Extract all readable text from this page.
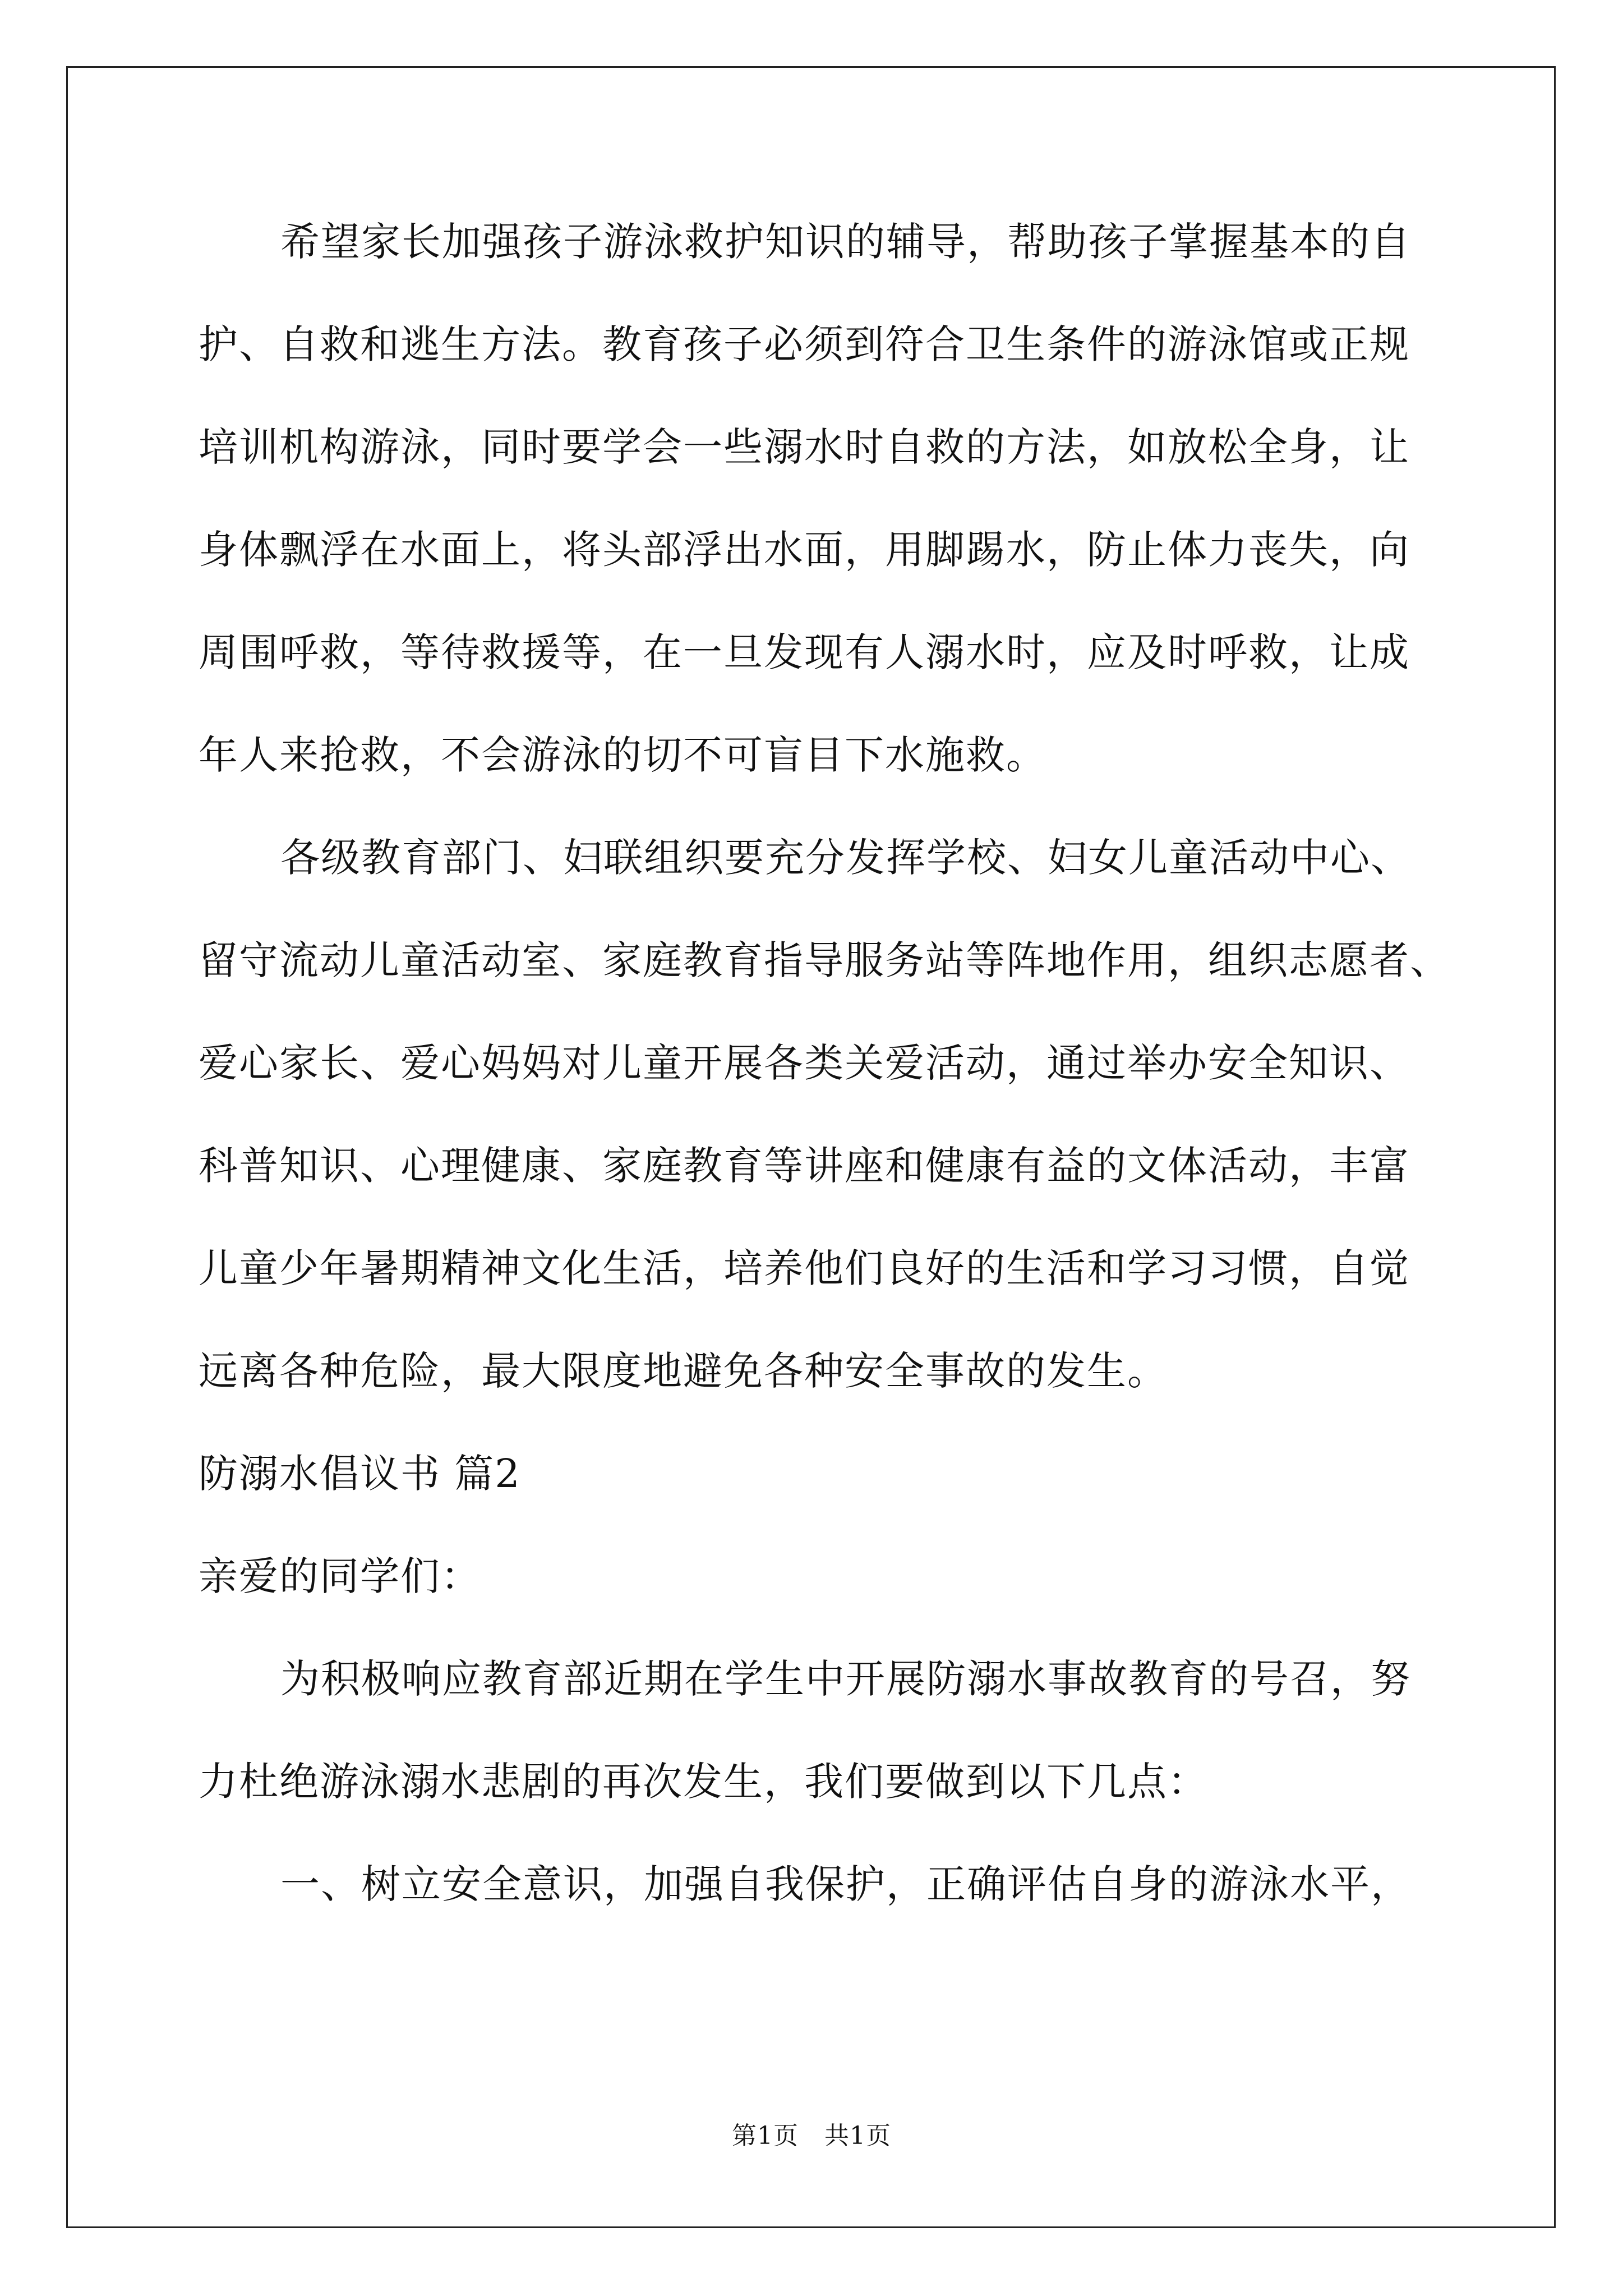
希望家长加强孩子游泳救护知识的辅导，帮助孩子掌握基本的自
护、自救和逃生方法。教育孩子必须到符合卫生条件的游泳馆或正规
培训机构游泳，同时要学会一些溺水时自救的方法，如放松全身，让
身体飘浮在水面上，将头部浮出水面，用脚踢水，防止体力丧失，向
周围呼救，等待救援等，在一旦发现有人溺水时，应及时呼救，让成
年人来抢救，不会游泳的切不可盲目下水施救。
各级教育部门、妇联组织要充分发挥学校、妇女儿童活动中心、
留守流动儿童活动室、家庭教育指导服务站等阵地作用，组织志愿者、
爱心家长、爱心妈妈对儿童开展各类关爱活动，通过举办安全知识、
科普知识、心理健康、家庭教育等讲座和健康有益的文体活动，丰富
儿童少年暑期精神文化生活，培养他们良好的生活和学习习惯，自觉
远离各种危险，最大限度地避免各种安全事故的发生。
防溺水倡议书 篇2
亲爱的同学们：
为积极响应教育部近期在学生中开展防溺水事故教育的号召，努
力杜绝游泳溺水悲剧的再次发生，我们要做到以下几点：
一、树立安全意识，加强自我保护，正确评估自身的游泳水平，
第1页 共1页
